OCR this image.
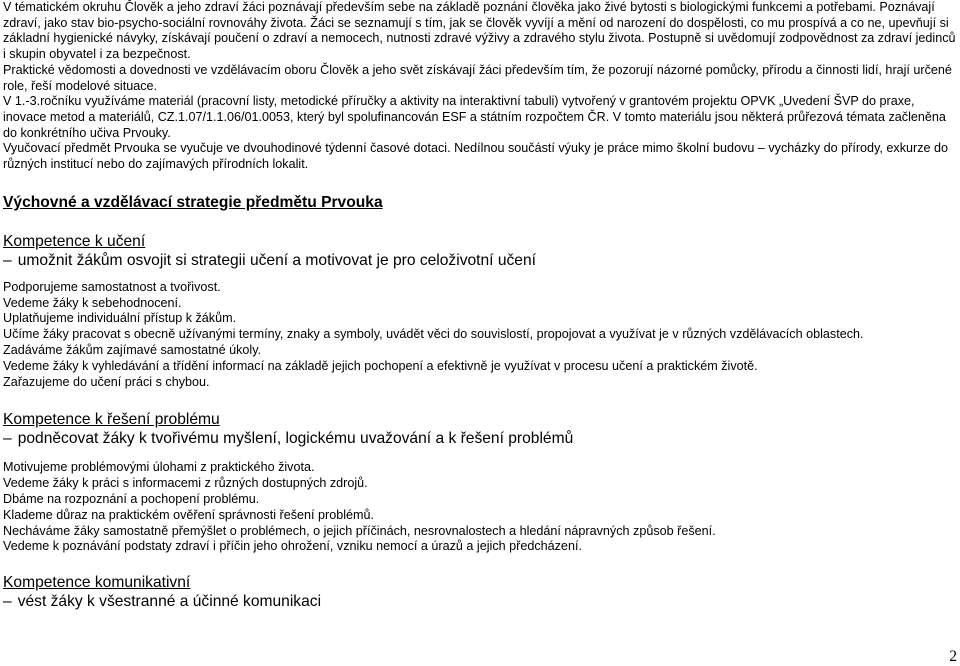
V tématickém okruhu Člověk a jeho zdraví žáci poznávají především sebe na základě poznání člověka jako živé bytosti s biologickými funkcemi a potřebami. Poznávají zdraví, jako stav bio-psycho-sociální rovnováhy života. Žáci se seznamují s tím, jak se člověk vyvíjí a mění od narození do dospělosti, co mu prospívá a co ne, upevňují si základní hygienické návyky, získávají poučení o zdraví a nemocech, nutnosti zdravé výživy a zdravého stylu života. Postupně si uvědomují zodpovědnost za zdraví jedinců i skupin obyvatel i za bezpečnost.

Praktické vědomosti a dovednosti ve vzdělávacím oboru Člověk a jeho svět získávají žáci především tím, že pozorují názorné pomůcky, přírodu a činnosti lidí, hrají určené role, řeší modelové situace.

V 1.-3.ročníku využíváme materiál (pracovní listy, metodické příručky a aktivity na interaktivní tabuli) vytvořený v grantovém projektu OPVK „Uvedení ŠVP do praxe, inovace metod a materiálů, CZ.1.07/1.1.06/01.0053, který byl spolufinancován ESF a státním rozpočtem ČR. V tomto materiálu jsou některá průřezová témata začleněna do konkrétního učiva Prvouky.

Vyučovací předmět Prvouka se vyučuje ve dvouhodinové týdenní časové dotaci. Nedílnou součástí výuky je práce mimo školní budovu – vycházky do přírody, exkurze do různých institucí nebo do zajímavých přírodních lokalit.

Výchovné a vzdělávací strategie předmětu Prvouka
Kompetence k učení
– umožnit žákům osvojit si strategii učení a motivovat je pro celoživotní učení
Podporujeme samostatnost a tvořivost.
Vedeme žáky k sebehodnocení.
Uplatňujeme individuální přístup k žákům.
Učíme žáky pracovat s obecně užívanými termíny, znaky a symboly, uvádět věci do souvislostí, propojovat a využívat je v různých vzdělávacích oblastech.
Zadáváme žákům zajímavé samostatné úkoly.
Vedeme žáky k vyhledávání a třídění informací na základě jejich pochopení a efektivně je využívat v procesu učení a praktickém životě.
Zařazujeme do učení práci s chybou.
Kompetence k řešení problému
– podněcovat žáky k tvořivému myšlení, logickému uvažování a k řešení problémů
Motivujeme problémovými úlohami z praktického života.
Vedeme žáky k práci s informacemi z různých dostupných zdrojů.
Dbáme na rozpoznání a pochopení problému.
Klademe důraz na praktickém ověření správnosti řešení problémů.
Necháváme žáky samostatně přemýšlet o problémech, o jejich příčinách, nesrovnalostech a hledání nápravných způsob řešení.
Vedeme k poznávání podstaty zdraví i příčin jeho ohrožení, vzniku nemocí a úrazů a jejich předcházení.
Kompetence komunikativní
– vést žáky k všestranné a účinné komunikaci
2
